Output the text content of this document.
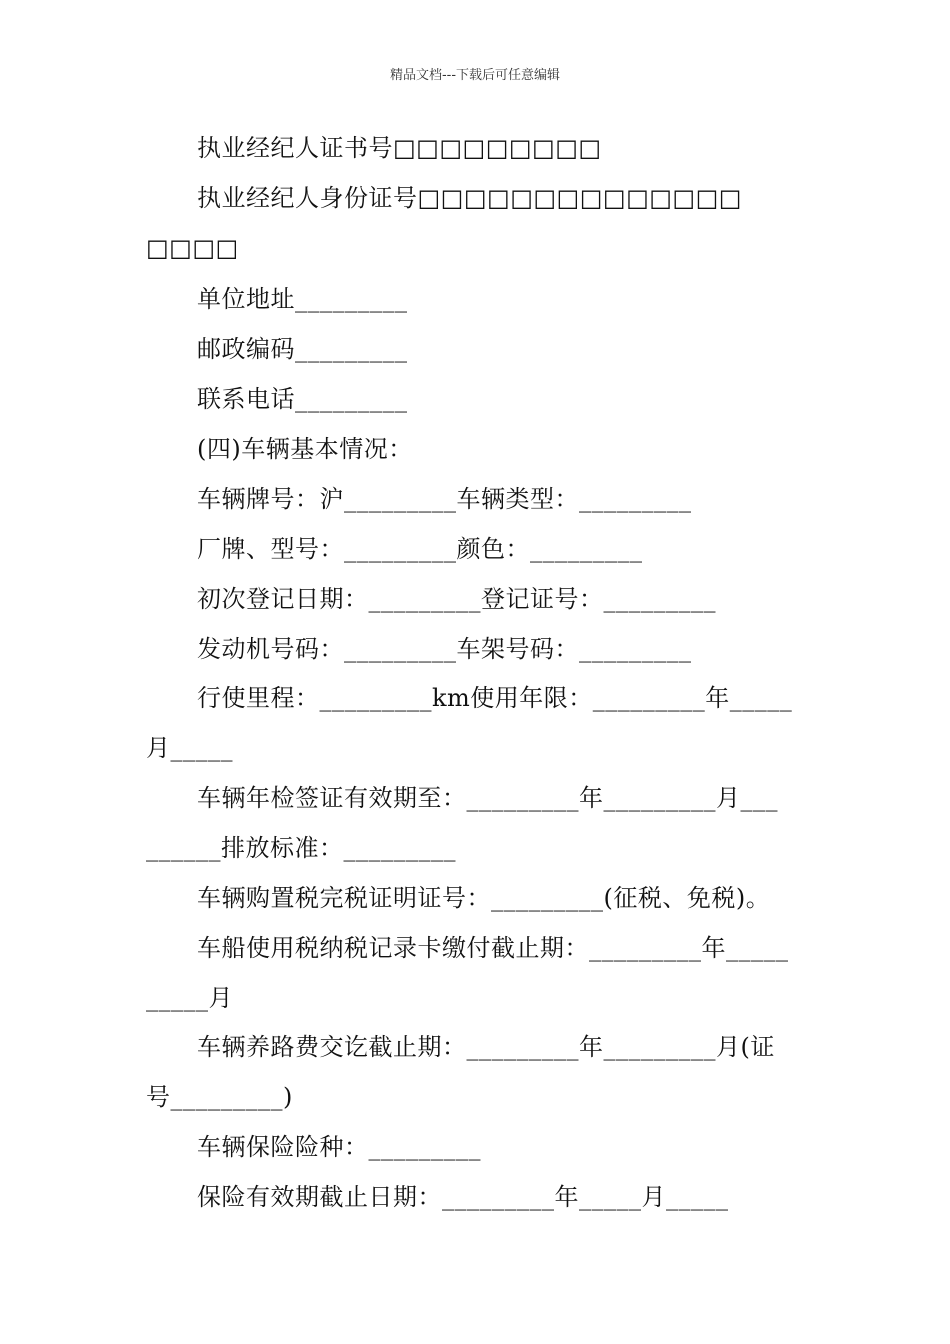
精品文档---下载后可任意编辑
执业经纪人证书号□□□□□□□□□
执业经纪人身份证号□□□□□□□□□□□□□□
□□□□
单位地址_________
邮政编码_________
联系电话_________
(四)车辆基本情况：
车辆牌号：沪_________车辆类型：_________
厂牌、型号：_________颜色：_________
初次登记日期：_________登记证号：_________
发动机号码：_________车架号码：_________
行使里程：_________km使用年限：_________年_____
月_____
车辆年检签证有效期至：_________年_________月___
______排放标准：_________
车辆购置税完税证明证号：_________(征税、免税)。
车船使用税纳税记录卡缴付截止期：_________年_____
_____月
车辆养路费交讫截止期：_________年_________月(证
号_________)
车辆保险险种：_________
保险有效期截止日期：_________年_____月_____
